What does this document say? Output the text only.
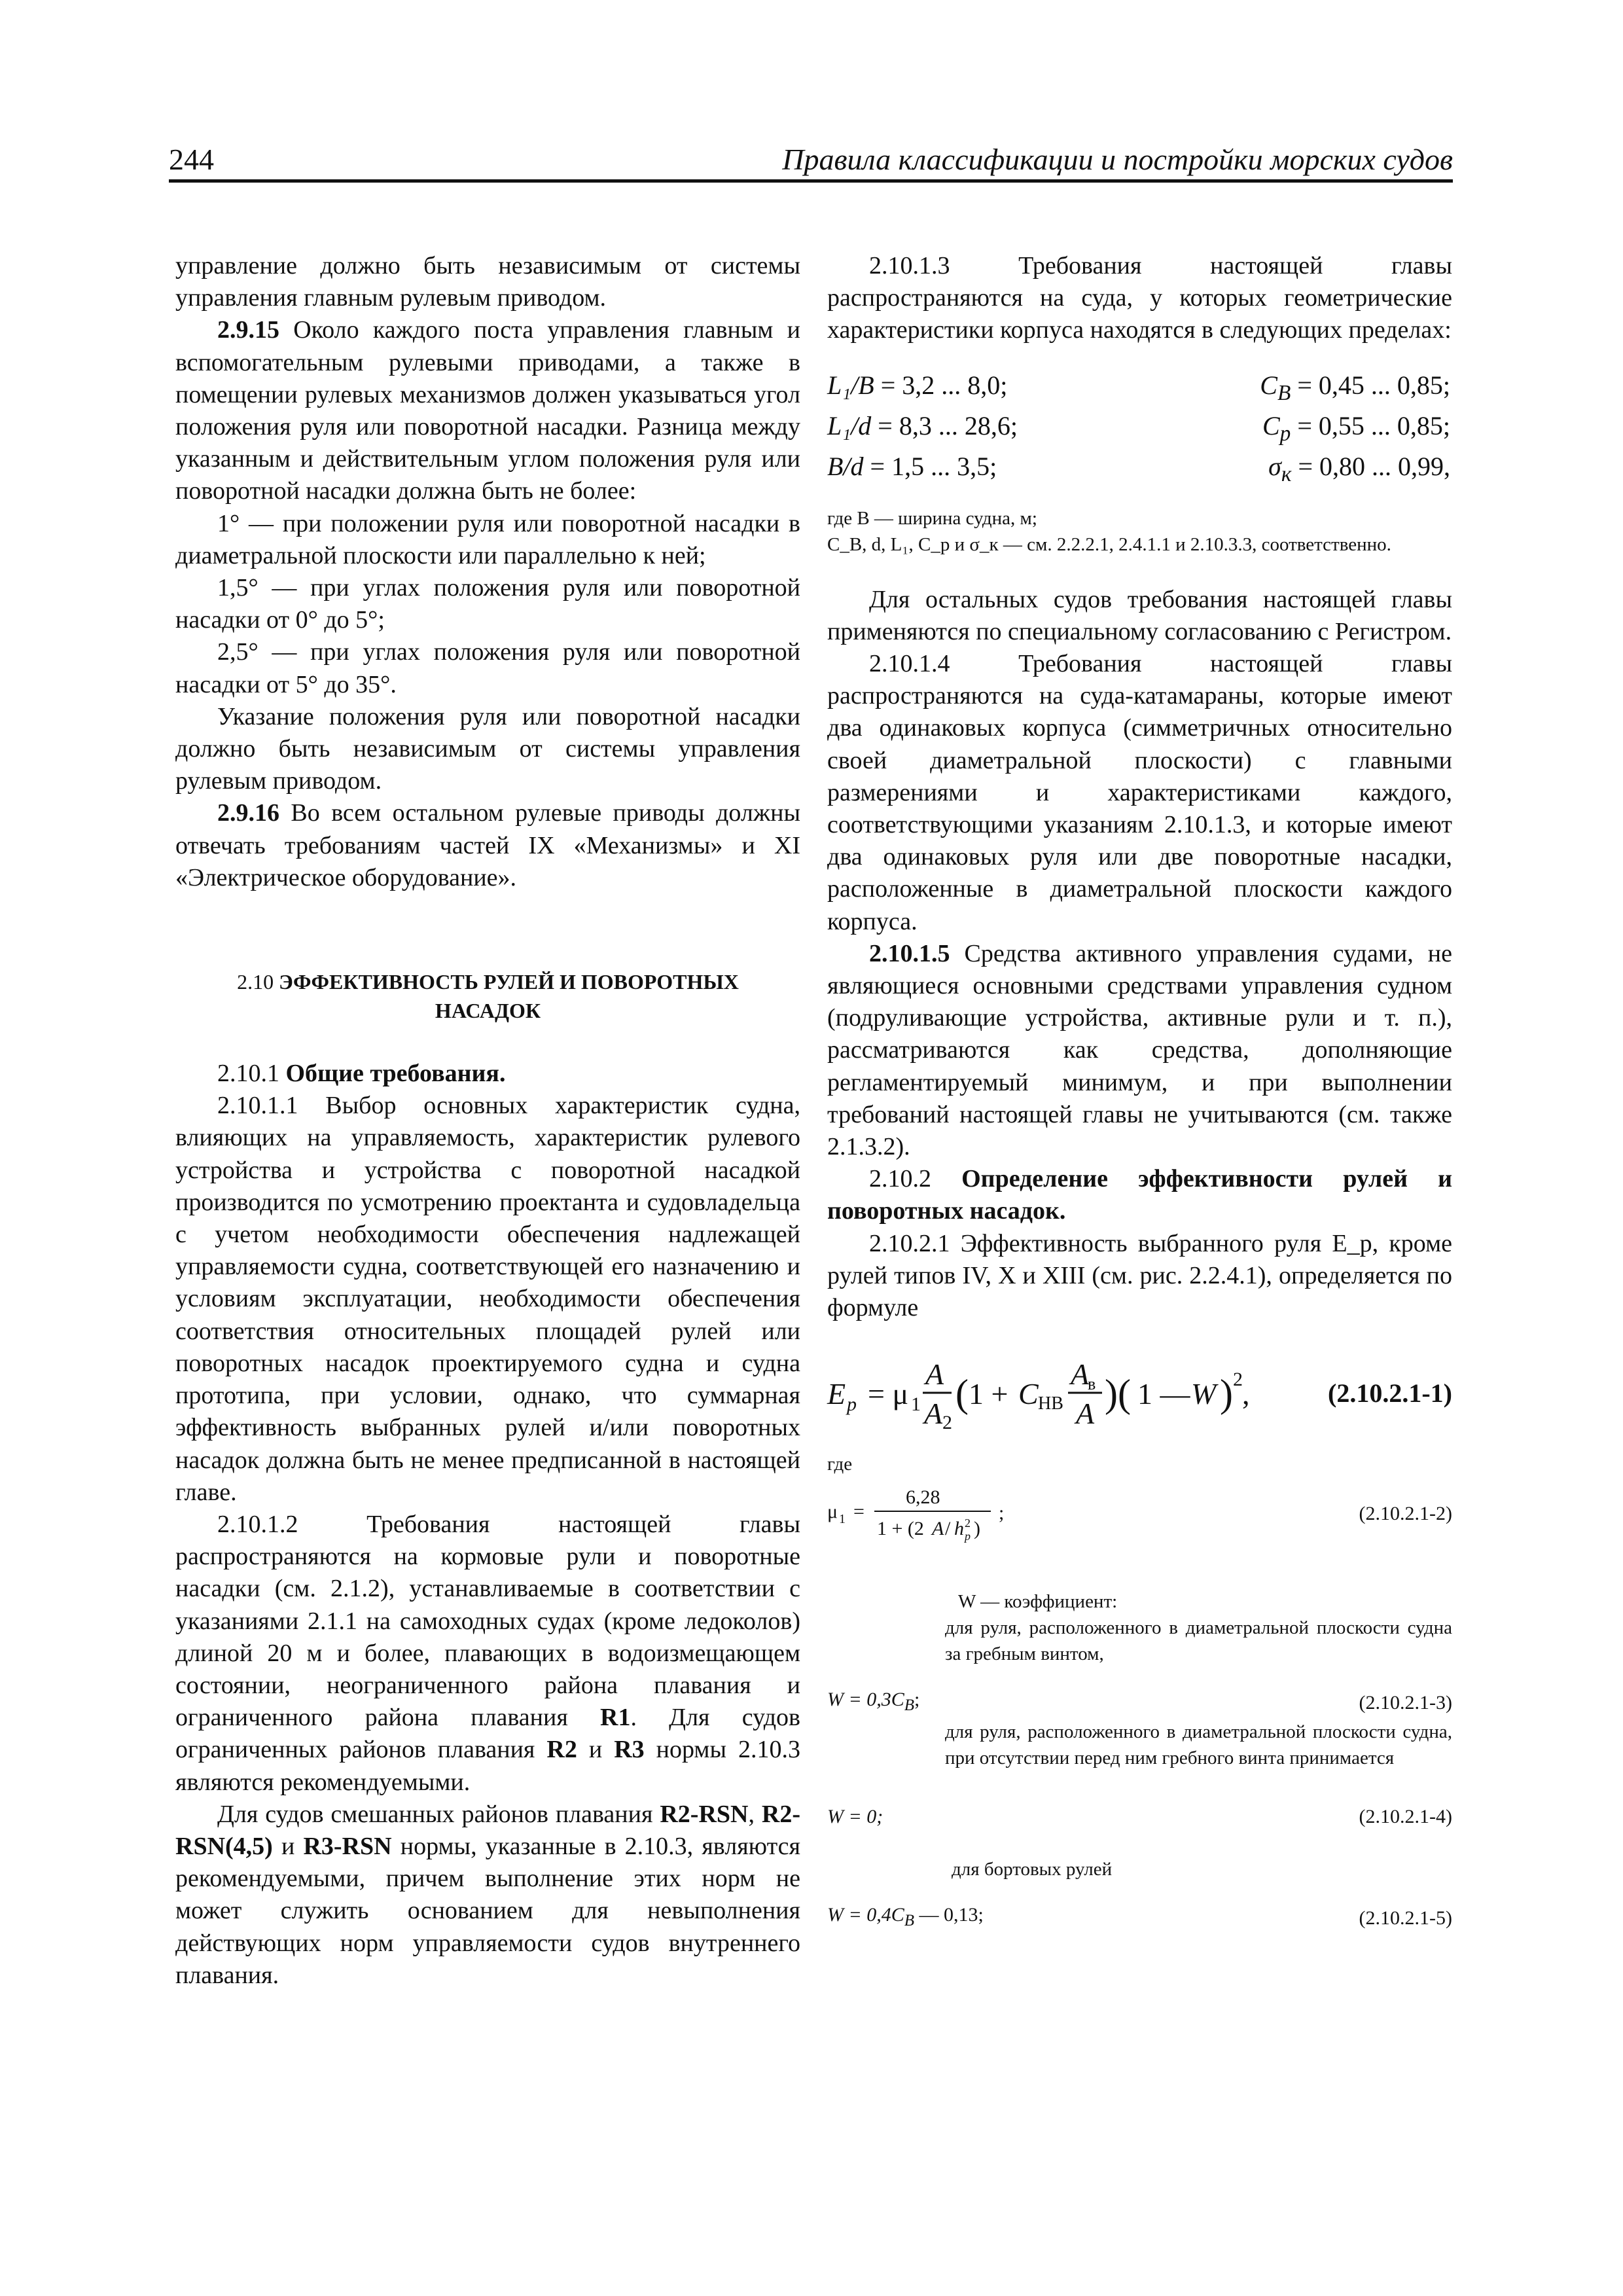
244	Правила классификации и постройки морских судов

управление должно быть независимым от системы управления главным рулевым приводом.

2.9.15 Около каждого поста управления главным и вспомогательным рулевыми приводами, а также в помещении рулевых механизмов должен указываться угол положения руля или поворотной насадки. Разница между указанным и действительным углом положения руля или поворотной насадки должна быть не более:

1° — при положении руля или поворотной насадки в диаметральной плоскости или параллельно к ней;

1,5° — при углах положения руля или поворотной насадки от 0° до 5°;

2,5° — при углах положения руля или поворотной насадки от 5° до 35°.

Указание положения руля или поворотной насадки должно быть независимым от системы управления рулевым приводом.

2.9.16 Во всем остальном рулевые приводы должны отвечать требованиям частей IX «Механизмы» и XI «Электрическое оборудование».

2.10 ЭФФЕКТИВНОСТЬ РУЛЕЙ И ПОВОРОТНЫХ НАСАДОК

2.10.1 Общие требования.

2.10.1.1 Выбор основных характеристик судна, влияющих на управляемость, характеристик рулевого устройства и устройства с поворотной насадкой производится по усмотрению проектанта и судовладельца с учетом необходимости обеспечения надлежащей управляемости судна, соответствующей его назначению и условиям эксплуатации, необходимости обеспечения соответствия относительных площадей рулей или поворотных насадок проектируемого судна и судна прототипа, при условии, однако, что суммарная эффективность выбранных рулей и/или поворотных насадок должна быть не менее предписанной в настоящей главе.

2.10.1.2 Требования настоящей главы распространяются на кормовые рули и поворотные насадки (см. 2.1.2), устанавливаемые в соответствии с указаниями 2.1.1 на самоходных судах (кроме ледоколов) длиной 20 м и более, плавающих в водоизмещающем состоянии, неограниченного района плавания и ограниченного района плавания R1. Для судов ограниченных районов плавания R2 и R3 нормы 2.10.3 являются рекомендуемыми.

Для судов смешанных районов плавания R2-RSN, R2-RSN(4,5) и R3-RSN нормы, указанные в 2.10.3, являются рекомендуемыми, причем выполнение этих норм не может служить основанием для невыполнения действующих норм управляемости судов внутреннего плавания.

2.10.1.3 Требования настоящей главы распространяются на суда, у которых геометрические характеристики корпуса находятся в следующих пределах:

L₁/B = 3,2 ... 8,0;	$C_B = 0,45$ ... 0,85;
L₁/d = 8,3 ... 28,6;	$C_p = 0,55$ ... 0,85;
B/d = 1,5 ... 3,5;	$\sigma_к = 0,80$ ... 0,99,

где B — ширина судна, м;

C_B, d, L₁, C_p и σ_к — см. 2.2.2.1, 2.4.1.1 и 2.10.3.3, соответственно.

Для остальных судов требования настоящей главы применяются по специальному согласованию с Регистром.

2.10.1.4 Требования настоящей главы распространяются на суда-катамараны, которые имеют два одинаковых корпуса (симметричных относительно своей диаметральной плоскости) с главными размерениями и характеристиками каждого, соответствующими указаниям 2.10.1.3, и которые имеют два одинаковых руля или две поворотные насадки, расположенные в диаметральной плоскости каждого корпуса.

2.10.1.5 Средства активного управления судами, не являющиеся основными средствами управления судном (подруливающие устройства, активные рули и т. п.), рассматриваются как средства, дополняющие регламентируемый минимум, и при выполнении требований настоящей главы не учитываются (см. также 2.1.3.2).

2.10.2 Определение эффективности рулей и поворотных насадок.

2.10.2.1 Эффективность выбранного руля E_p, кроме рулей типов IV, X и XIII (см. рис. 2.2.4.1), определяется по формуле

E p = μ 1
A
A 2
( 1 + C НВ
A
в
A )( 1 — W ) 2 ,	(2.10.2.1-1)

где

μ 1 =
6,28
1 + (2 A / h p
2 )
;	(2.10.2.1-2)

W — коэффициент:

для руля, расположенного в диаметральной плоскости судна за гребным винтом,

$W = 0,3C_B$;	(2.10.2.1-3)

для руля, расположенного в диаметральной плоскости судна, при отсутствии перед ним гребного винта принимается

W = 0;	(2.10.2.1-4)

для бортовых рулей

$W = 0,4C_B$ — 0,13;	(2.10.2.1-5)
